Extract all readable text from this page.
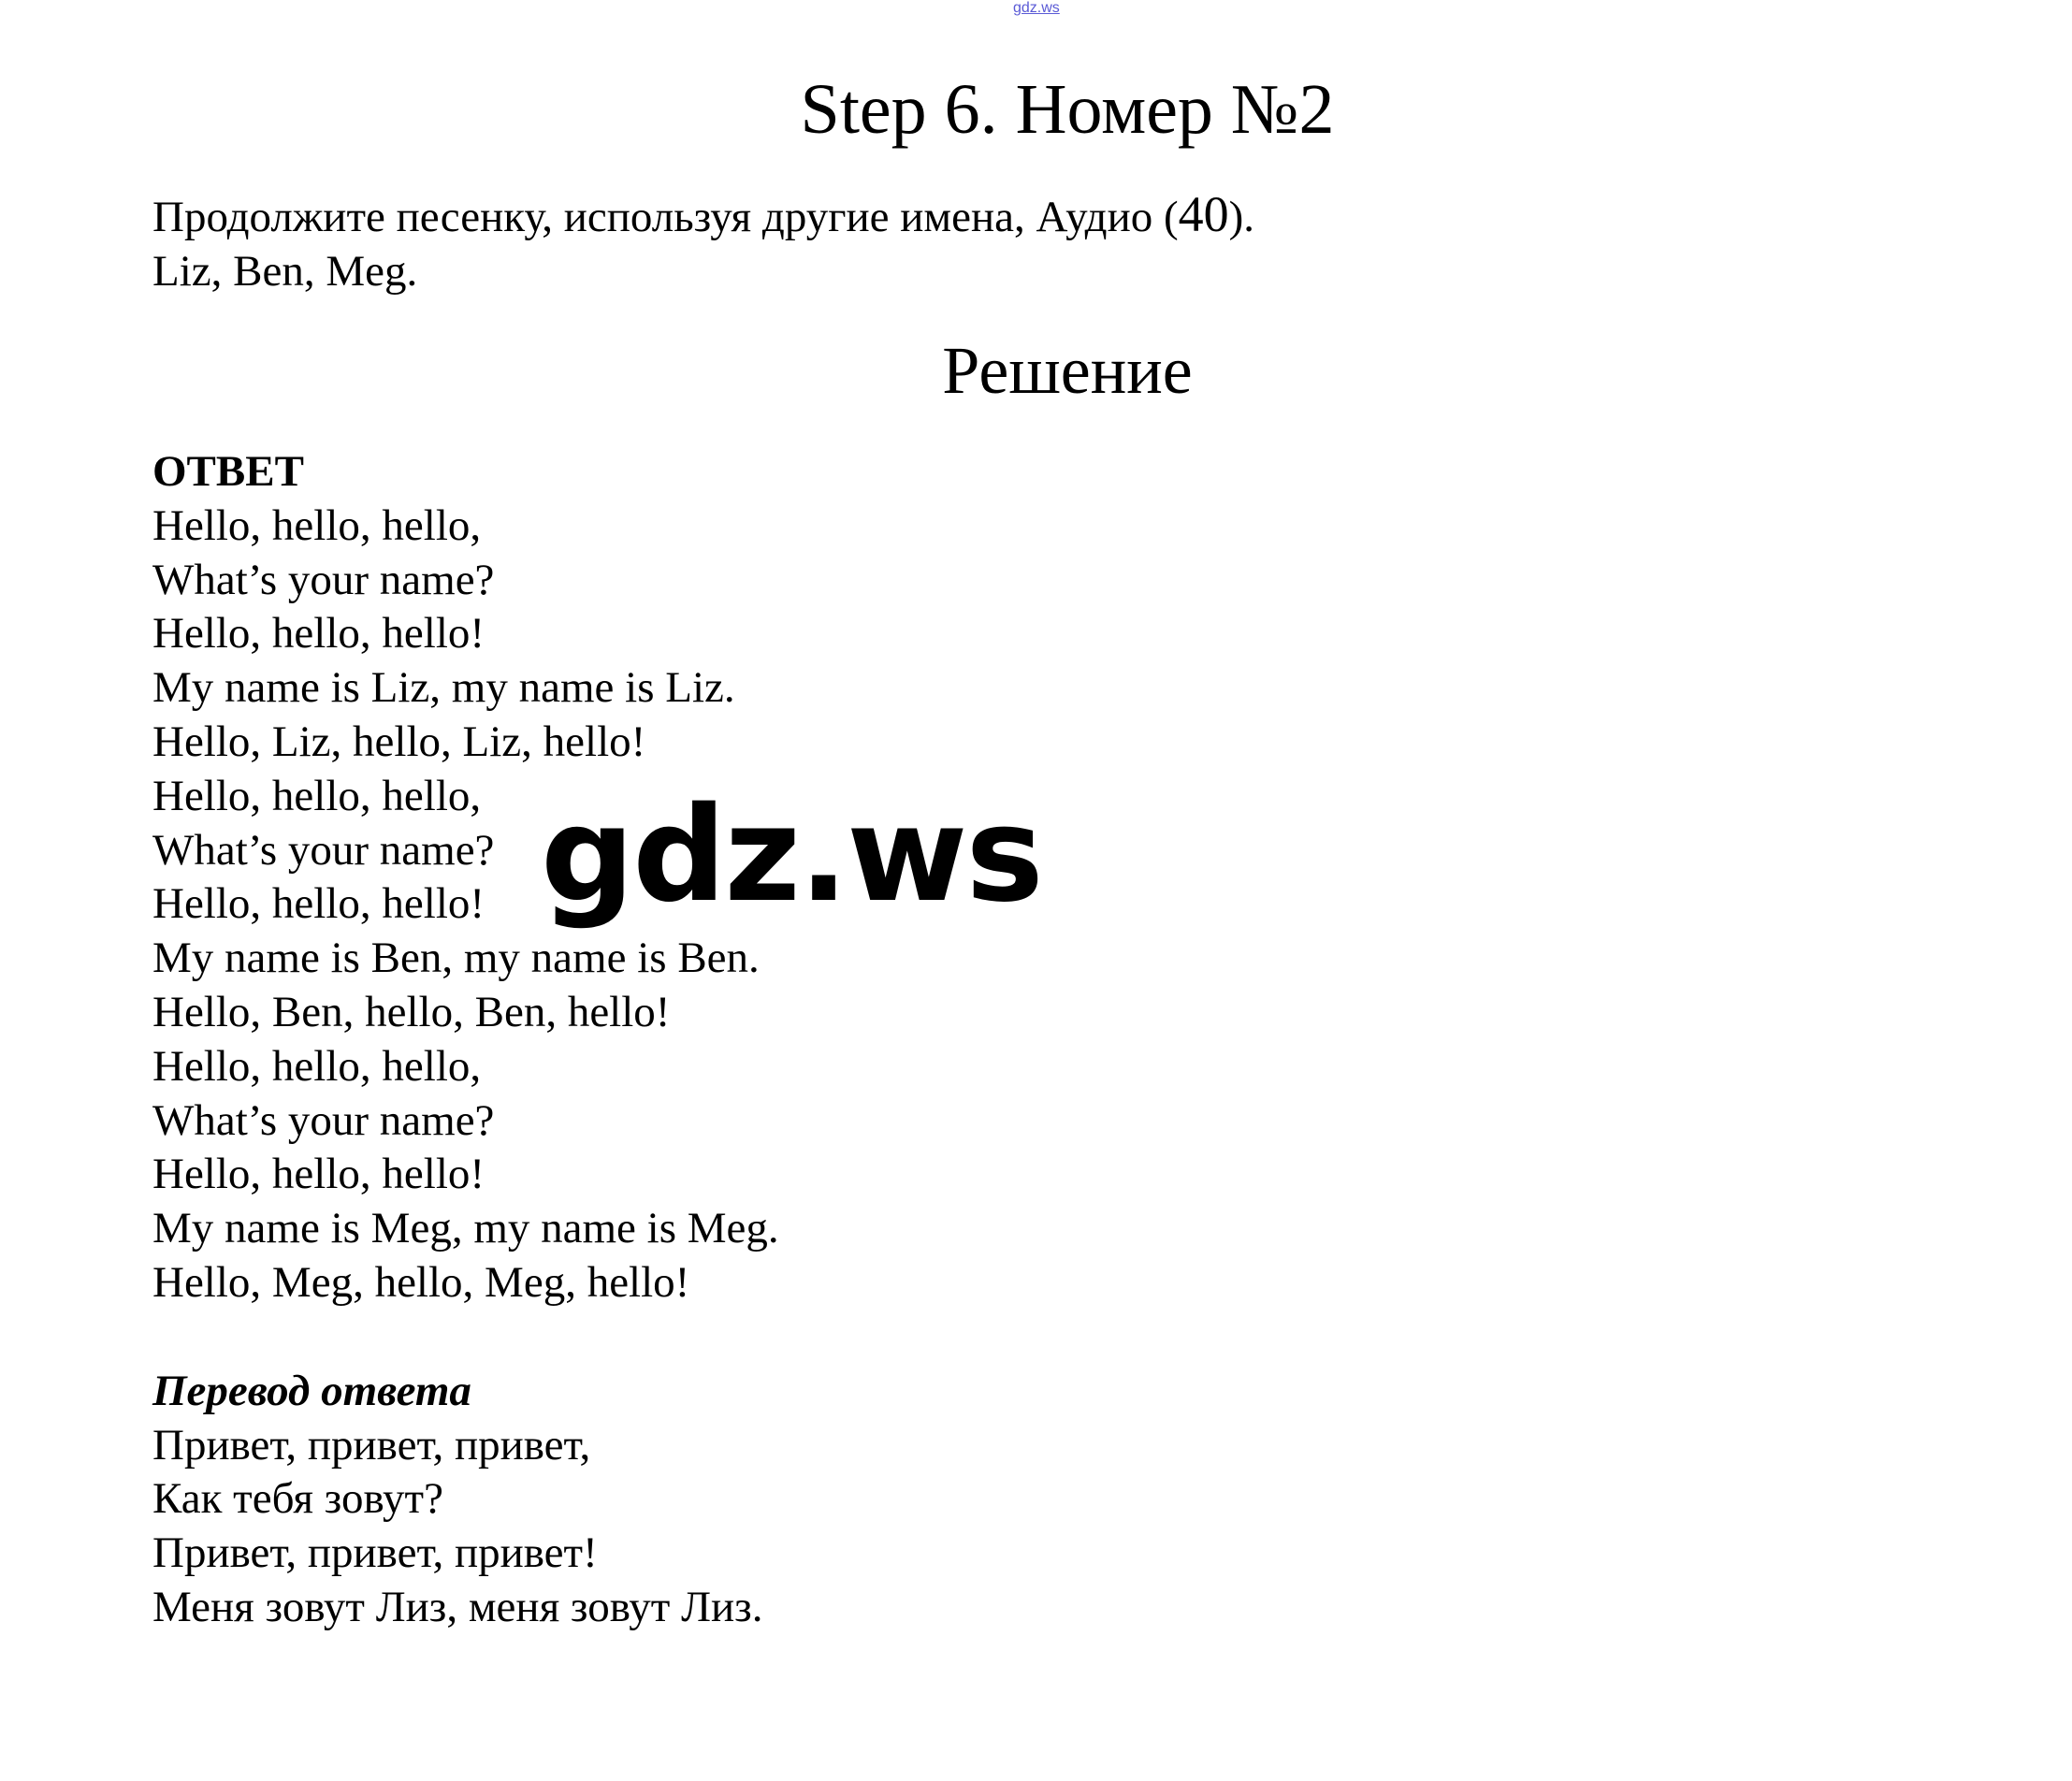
gdz.ws
Step 6. Номер №2
Продолжите песенку, используя другие имена, Аудио (40).
Liz, Ben, Meg.
Решение
ОТВЕТ
Hello, hello, hello,
What’s your name?
Hello, hello, hello!
My name is Liz, my name is Liz.
Hello, Liz, hello, Liz, hello!
Hello, hello, hello,
What’s your name?
Hello, hello, hello!
My name is Ben, my name is Ben.
Hello, Ben, hello, Ben, hello!
Hello, hello, hello,
What’s your name?
Hello, hello, hello!
My name is Meg, my name is Meg.
Hello, Meg, hello, Meg, hello!
Перевод ответа
Привет, привет, привет,
Как тебя зовут?
Привет, привет, привет!
Меня зовут Лиз, меня зовут Лиз.
gdz.ws
